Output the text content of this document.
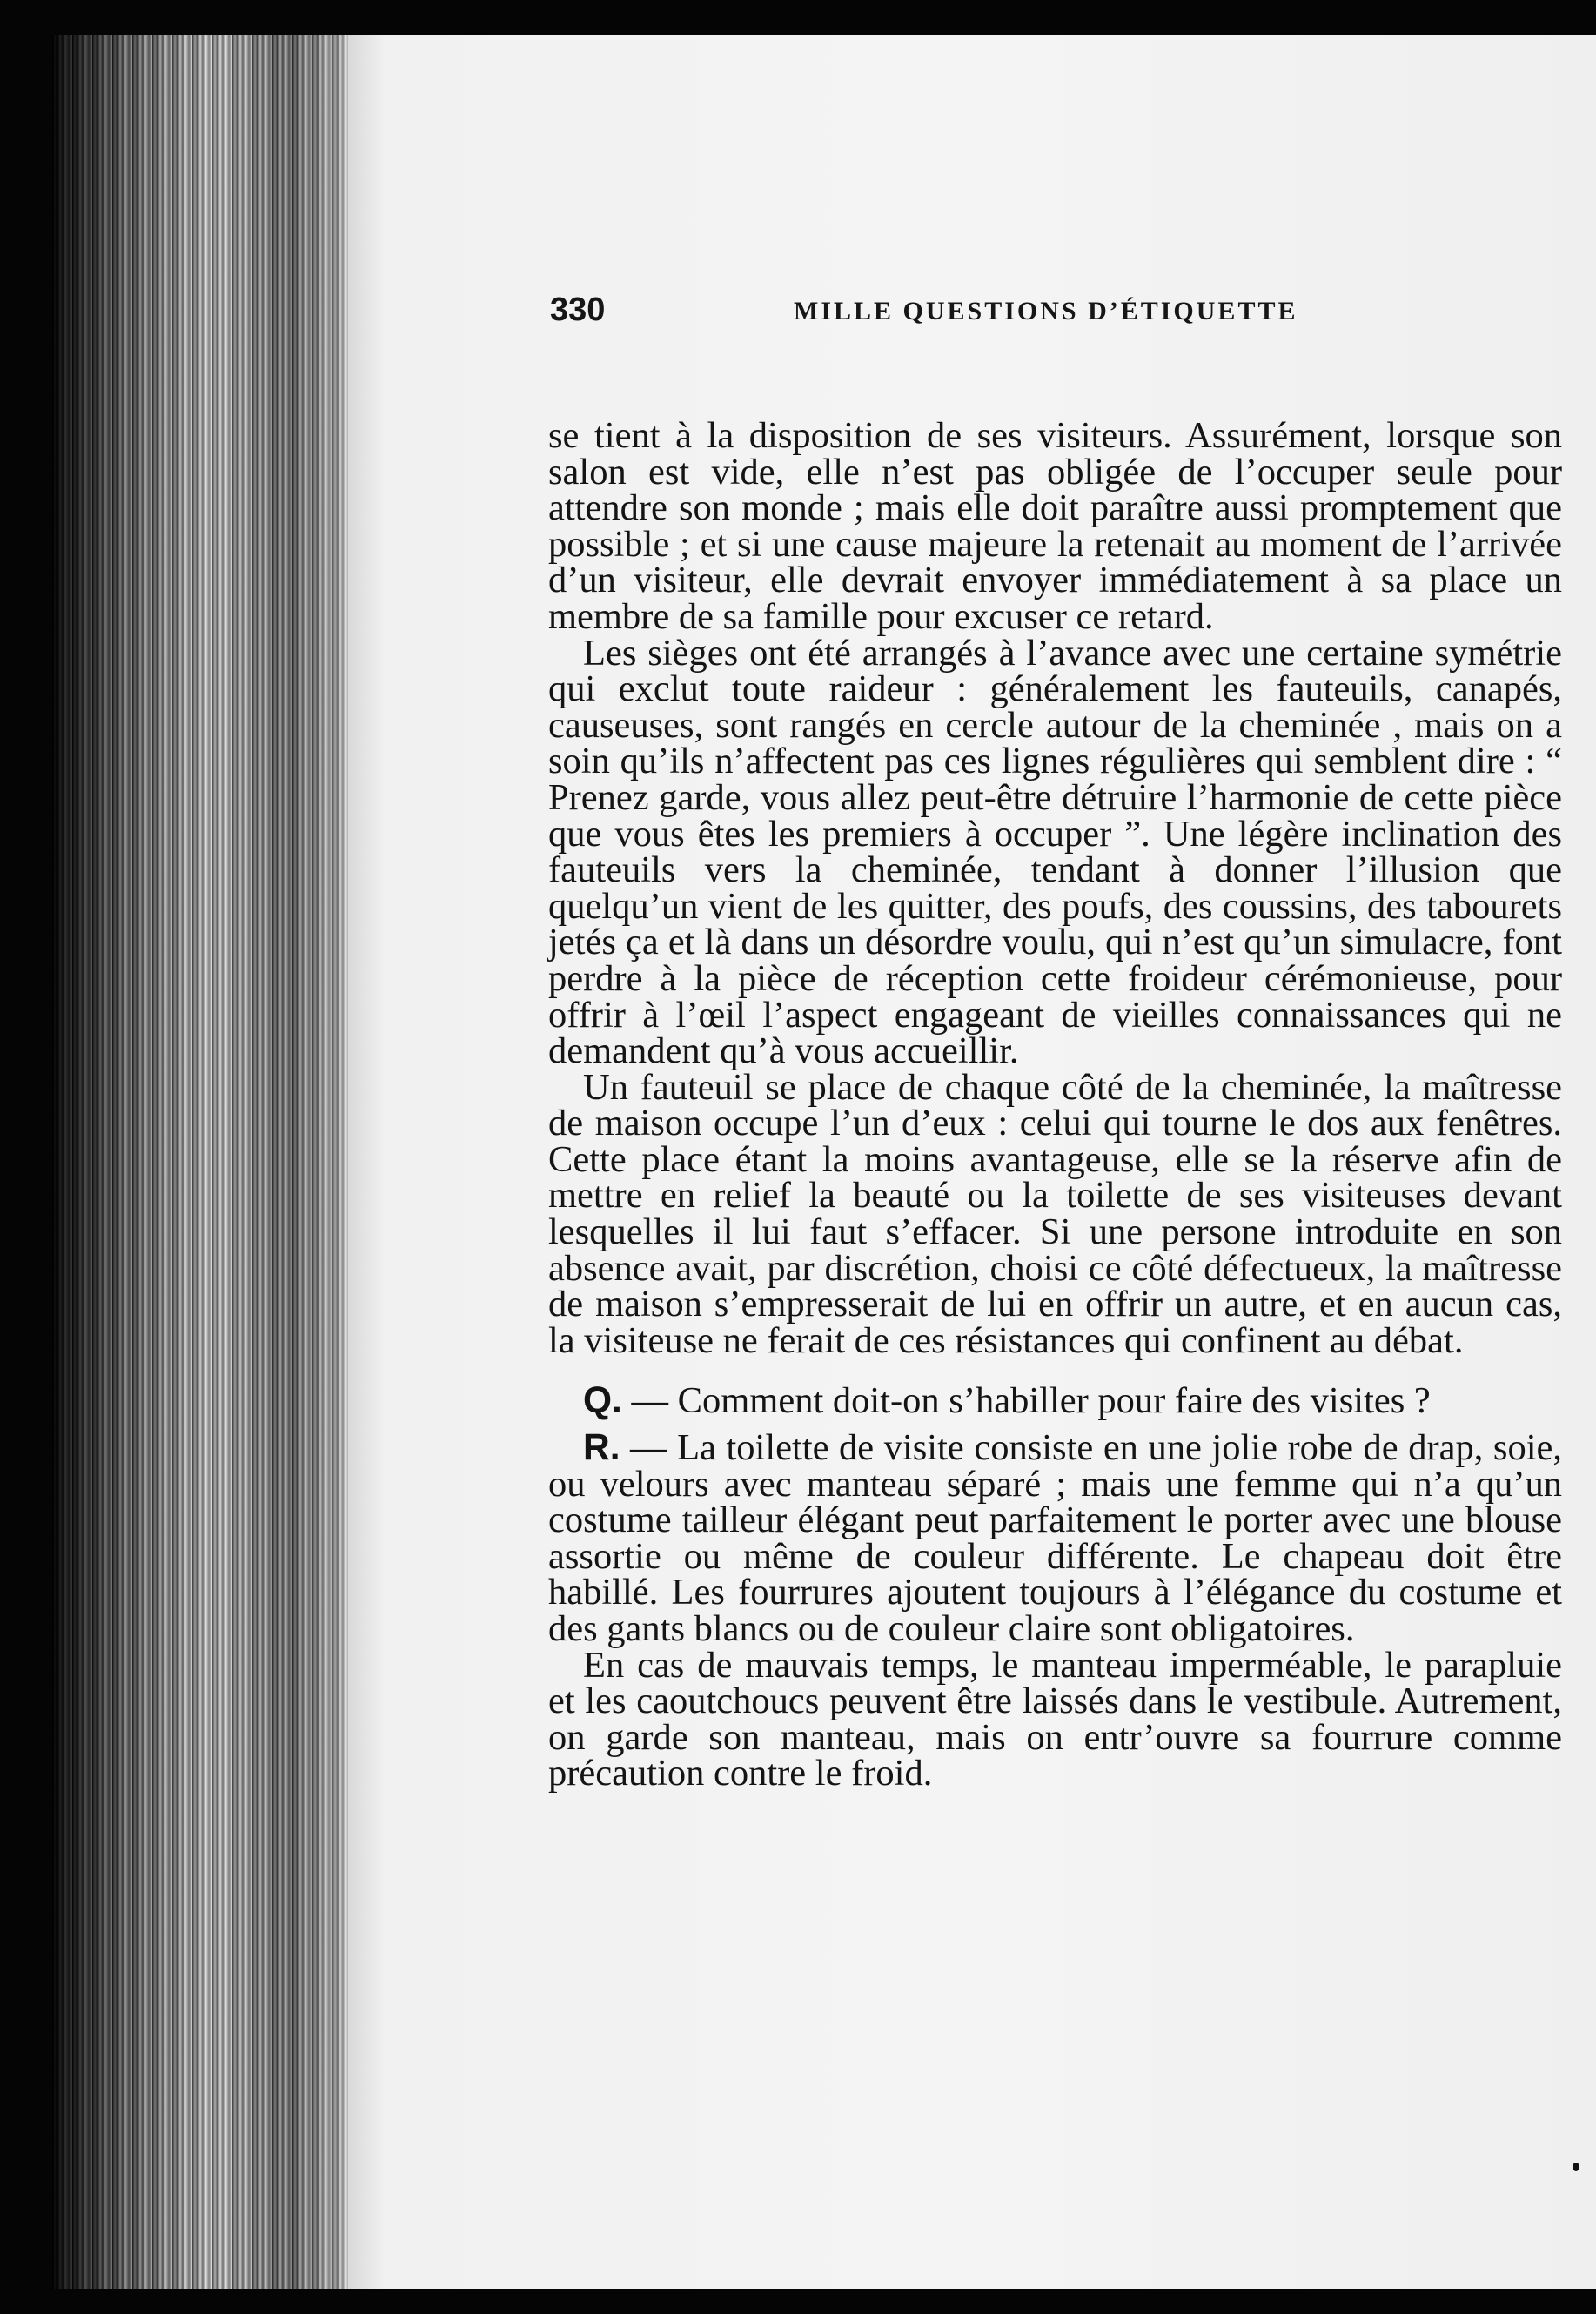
330	MILLE QUESTIONS D’ÉTIQUETTE

se tient à la disposition de ses visiteurs. Assurément, lorsque son salon est vide, elle n’est pas obligée de l’occuper seule pour attendre son monde ; mais elle doit paraître aussi promptement que possible ; et si une cause majeure la retenait au moment de l’arrivée d’un visiteur, elle devrait envoyer immédiatement à sa place un membre de sa famille pour excuser ce retard.

Les sièges ont été arrangés à l’avance avec une certaine symétrie qui exclut toute raideur : généralement les fauteuils, canapés, causeuses, sont rangés en cercle autour de la cheminée , mais on a soin qu’ils n’affectent pas ces lignes régulières qui semblent dire : “ Prenez garde, vous allez peut-être détruire l’harmonie de cette pièce que vous êtes les premiers à occuper ”. Une légère inclination des fauteuils vers la cheminée, tendant à donner l’illusion que quelqu’un vient de les quitter, des poufs, des coussins, des tabourets jetés ça et là dans un désordre voulu, qui n’est qu’un simulacre, font perdre à la pièce de réception cette froideur cérémonieuse, pour offrir à l’œil l’aspect engageant de vieilles connaissances qui ne demandent qu’à vous accueillir.

Un fauteuil se place de chaque côté de la cheminée, la maîtresse de maison occupe l’un d’eux : celui qui tourne le dos aux fenêtres. Cette place étant la moins avantageuse, elle se la réserve afin de mettre en relief la beauté ou la toilette de ses visiteuses devant lesquelles il lui faut s’effacer. Si une persone introduite en son absence avait, par discrétion, choisi ce côté défectueux, la maîtresse de maison s’empresserait de lui en offrir un autre, et en aucun cas, la visiteuse ne ferait de ces résistances qui confinent au débat.

Q. — Comment doit-on s’habiller pour faire des visites ?

R. — La toilette de visite consiste en une jolie robe de drap, soie, ou velours avec manteau séparé ; mais une femme qui n’a qu’un costume tailleur élégant peut parfaitement le porter avec une blouse assortie ou même de couleur différente. Le chapeau doit être habillé. Les fourrures ajoutent toujours à l’élégance du costume et des gants blancs ou de couleur claire sont obligatoires.

En cas de mauvais temps, le manteau imperméable, le parapluie et les caoutchoucs peuvent être laissés dans le vestibule. Autrement, on garde son manteau, mais on entr’ouvre sa fourrure comme précaution contre le froid.
